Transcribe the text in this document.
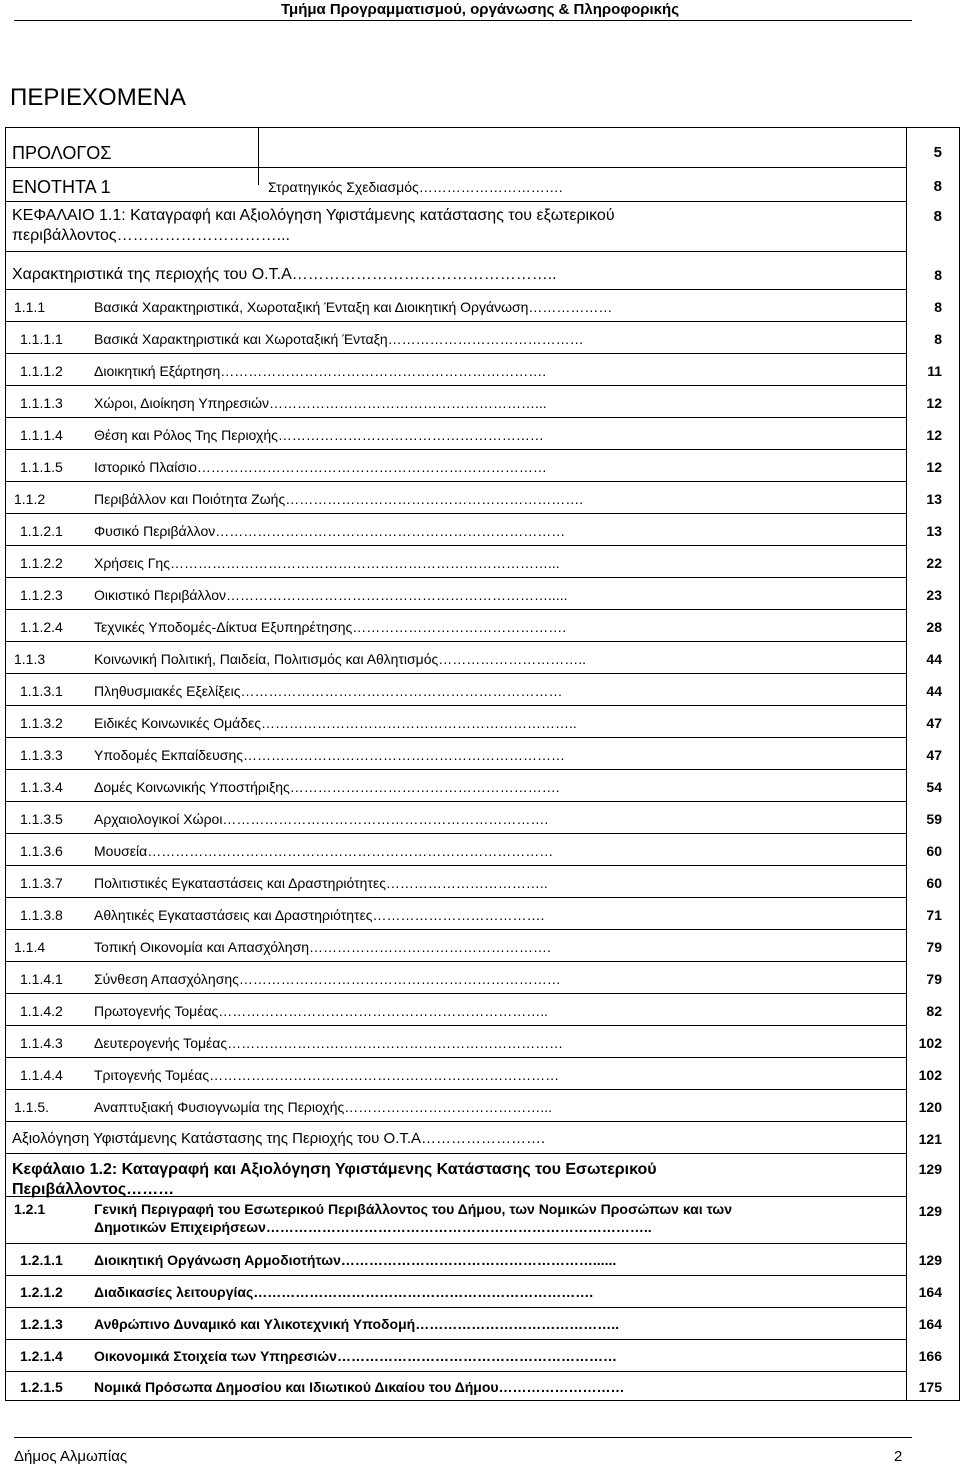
Τμήμα Προγραμματισμού, οργάνωσης & Πληροφορικής
ΠΕΡΙΕΧΟΜΕΝΑ
ΠΡΟΛΟΓΟΣ	5
ΕΝΟΤΗΤΑ 1	Στρατηγικός Σχεδιασμός………………………….	8
ΚΕΦΑΛΑΙΟ 1.1: Καταγραφή και Αξιολόγηση Υφιστάμενης κατάστασης του εξωτερικού
περιβάλλοντος…………………………...
8
Χαρακτηριστικά της περιοχής του Ο.Τ.Α…………………………………………..	8
1.1.1	Βασικά Χαρακτηριστικά, Χωροταξική Ένταξη και Διοικητική Οργάνωση………………	8
1.1.1.1 Βασικά Χαρακτηριστικά και Χωροταξική Ένταξη……………………………………	8
1.1.1.2 Διοικητική Εξάρτηση…………………………………………………………….	11
1.1.1.3 Χώροι, Διοίκηση Υπηρεσιών…………………………………………………...	12
1.1.1.4 Θέση και Ρόλος Της Περιοχής…………………………………………………	12
1.1.1.5 Ιστορικό Πλαίσιο…………………………………………………………………	12
1.1.2	Περιβάλλον και Ποιότητα Ζωής……………………………………………………….	13
1.1.2.1 Φυσικό Περιβάλλον…………………………………………………………………	13
1.1.2.2 Χρήσεις Γης………………………………………………………………………...	22
1.1.2.3 Οικιστικό Περιβάλλον…………………………………………………………….....	23
1.1.2.4 Τεχνικές Υποδομές-Δίκτυα Εξυπηρέτησης……………………………………….	28
1.1.3	Κοινωνική Πολιτική, Παιδεία, Πολιτισμός και Αθλητισμός…………………………..	44
1.1.3.1 Πληθυσμιακές Εξελίξεις……………………………………………………………	44
1.1.3.2 Ειδικές Κοινωνικές Ομάδες…………………………………………………………..	47
1.1.3.3 Υποδομές Εκπαίδευσης……………………………………………………………	47
1.1.3.4 Δομές Κοινωνικής Υποστήριξης………………………………………………….	54
1.1.3.5 Αρχαιολογικοί Χώροι…………………………………………………………….	59
1.1.3.6 Μουσεία……………………………………………………………………………	60
1.1.3.7 Πολιτιστικές Εγκαταστάσεις και Δραστηριότητες……………………………..	60
1.1.3.8 Αθλητικές Εγκαταστάσεις και Δραστηριότητες……………………………….	71
1.1.4	Τοπική Οικονομία και Απασχόληση…………………………………………….	79
1.1.4.1 Σύνθεση Απασχόλησης……………………………………………………………	79
1.1.4.2 Πρωτογενής Τομέας……………………………………………………………..	82
1.1.4.3 Δευτερογενής Τομέας………………………………………………………………	102
1.1.4.4 Τριτογενής Τομέας…………………………………………………………………	102
1.1.5.	Αναπτυξιακή Φυσιογνωμία της Περιοχής……………………………………...	120
Αξιολόγηση Υφιστάμενης Κατάστασης της Περιοχής του Ο.Τ.Α…………………….	121
Κεφάλαιο 1.2: Καταγραφή και Αξιολόγηση Υφιστάμενης Κατάστασης του Εσωτερικού
Περιβάλλοντος………
129
1.2.1	Γενική Περιγραφή του Εσωτερικού Περιβάλλοντος του Δήμου, των Νομικών Προσώπων και των
Δημοτικών Επιχειρήσεων………………………………………………………………………..
129
1.2.1.1 Διοικητική Οργάνωση Αρμοδιοτήτων………………………………………………......	129
1.2.1.2 Διαδικασίες λειτουργίας……………………………………………………………….	164
1.2.1.3 Ανθρώπινο Δυναμικό και Υλικοτεχνική Υποδομή……………………………………..	164
1.2.1.4 Οικονομικά Στοιχεία των Υπηρεσιών……………………………………………………	166
1.2.1.5 Νομικά Πρόσωπα Δημοσίου και Ιδιωτικού Δικαίου του Δήμου………………………	175
Δήμος Αλμωπίας	2
